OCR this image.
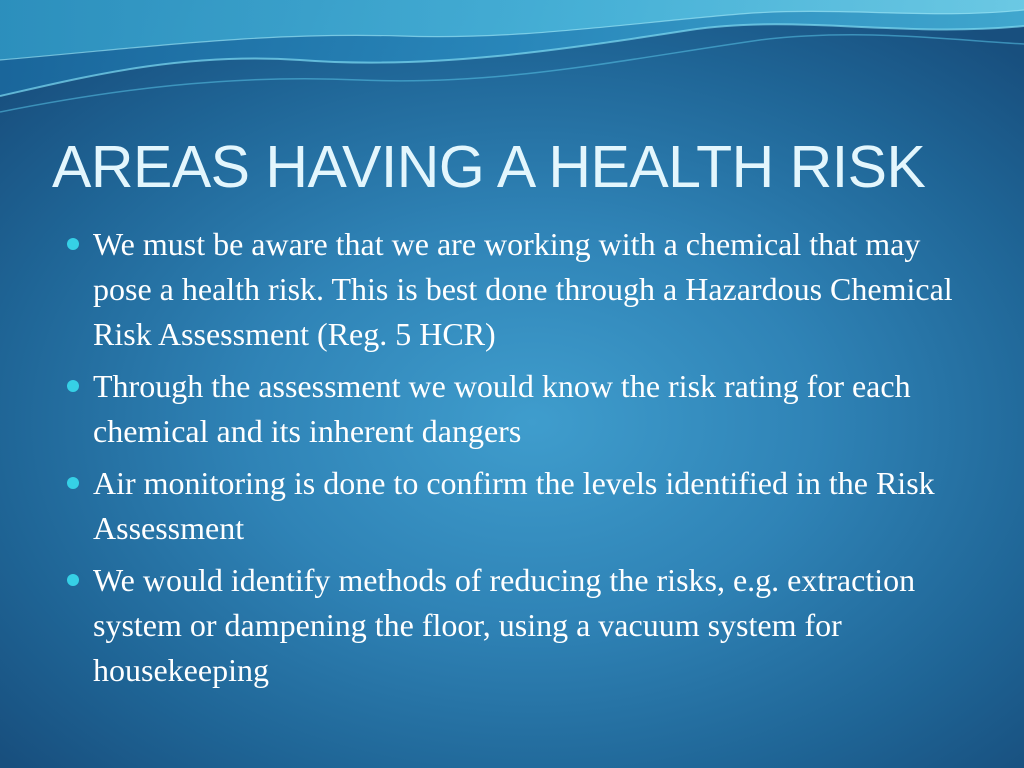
AREAS HAVING A HEALTH RISK
We must be aware that we are working with a chemical that may pose a health risk. This is best done through a Hazardous Chemical Risk Assessment (Reg. 5 HCR)
Through the assessment we would know the risk rating for each chemical and its inherent dangers
Air monitoring is done to confirm the levels identified in the Risk Assessment
We would identify methods of reducing the risks, e.g. extraction system or dampening the floor, using a vacuum system for housekeeping
